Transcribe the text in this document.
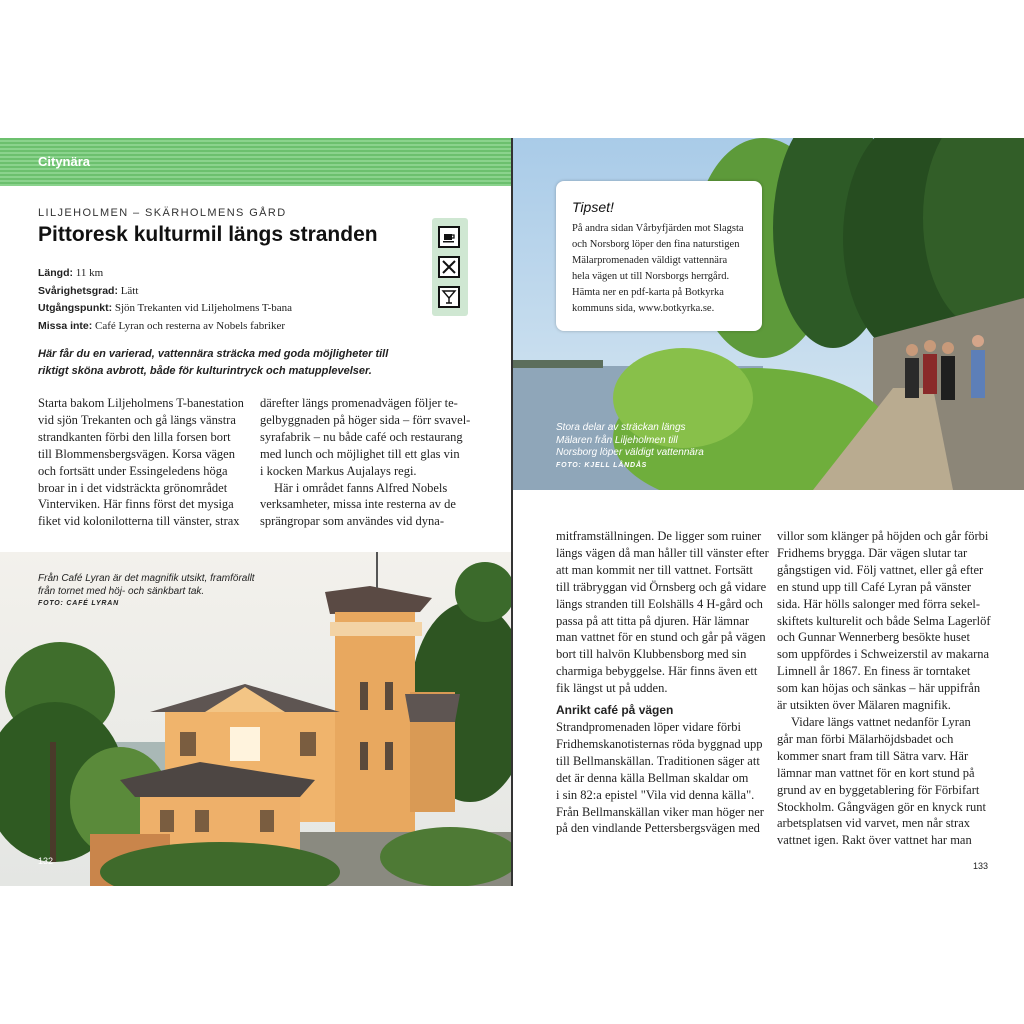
Citynära
LILJEHOLMEN – SKÄRHOLMENS GÅRD
Pittoresk kulturmil längs stranden
Längd: 11 km
Svårighetsgrad: Lätt
Utgångspunkt: Sjön Trekanten vid Liljeholmens T-bana
Missa inte: Café Lyran och resterna av Nobels fabriker
Här får du en varierad, vattennära sträcka med goda möjligheter till
riktigt sköna avbrott, både för kulturintryck och matupplevelser.
Starta bakom Liljeholmens T-banestation
vid sjön Trekanten och gå längs vänstra
strandkanten förbi den lilla forsen bort
till Blommensbergsvägen. Korsa vägen
och fortsätt under Essingeledens höga
broar in i det vidsträckta grönområdet
Vinterviken. Här finns först det mysiga
fiket vid kolonilotterna till vänster, strax
därefter längs promenadvägen följer te-
gelbyggnaden på höger sida – förr svavel-
syrafabrik – nu både café och restaurang
med lunch och möjlighet till ett glas vin
i kocken Markus Aujalays regi.
Här i området fanns Alfred Nobels
verksamheter, missa inte resterna av de
sprängropar som användes vid dyna-
Från Café Lyran är det magnifik utsikt, framförallt
från tornet med höj- och sänkbart tak.
FOTO: CAFÉ LYRAN
132
Tipset!
På andra sidan Vårbyfjärden mot Slagsta
och Norsborg löper den fina naturstigen
Mälarpromenaden väldigt vattennära
hela vägen ut till Norsborgs herrgård.
Hämta ner en pdf-karta på Botkyrka
kommuns sida, www.botkyrka.se.
Stora delar av sträckan längs
Mälaren från Liljeholmen till
Norsborg löper väldigt vattennära
FOTO: KJELL LÅNDÅS
mitframställningen. De ligger som ruiner
längs vägen då man håller till vänster efter
att man kommit ner till vattnet. Fortsätt
till träbryggan vid Örnsberg och gå vidare
längs stranden till Eolshälls 4 H-gård och
passa på att titta på djuren. Här lämnar
man vattnet för en stund och går på vägen
bort till halvön Klubbensborg med sin
charmiga bebyggelse. Här finns även ett
fik längst ut på udden.
Anrikt café på vägen
Strandpromenaden löper vidare förbi
Fridhemskanotisternas röda byggnad upp
till Bellmanskällan. Traditionen säger att
det är denna källa Bellman skaldar om
i sin 82:a epistel "Vila vid denna källa".
Från Bellmanskällan viker man höger ner
på den vindlande Pettersbergsvägen med
villor som klänger på höjden och går förbi
Fridhems brygga. Där vägen slutar tar
gångstigen vid. Följ vattnet, eller gå efter
en stund upp till Café Lyran på vänster
sida. Här hölls salonger med förra sekel-
skiftets kulturelit och både Selma Lagerlöf
och Gunnar Wennerberg besökte huset
som uppfördes i Schweizerstil av makarna
Limnell år 1867. En finess är torntaket
som kan höjas och sänkas – här uppifrån
är utsikten över Mälaren magnifik.
Vidare längs vattnet nedanför Lyran
går man förbi Mälarhöjdsbadet och
kommer snart fram till Sätra varv. Här
lämnar man vattnet för en kort stund på
grund av en byggetablering för Förbifart
Stockholm. Gångvägen gör en knyck runt
arbetsplatsen vid varvet, men når strax
vattnet igen. Rakt över vattnet har man
133
